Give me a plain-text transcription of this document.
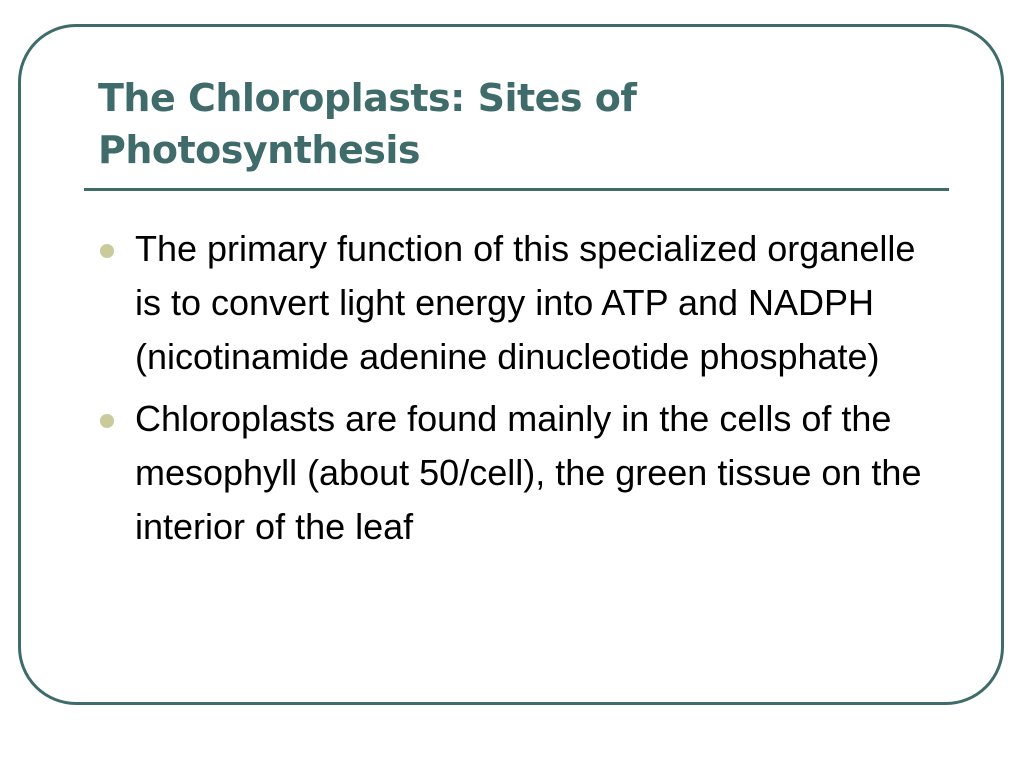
The Chloroplasts: Sites of Photosynthesis
The primary function of this specialized organelle is to convert light energy into ATP and NADPH (nicotinamide adenine dinucleotide phosphate)
Chloroplasts are found mainly in the cells of the mesophyll (about 50/cell), the green tissue on the interior of the leaf
